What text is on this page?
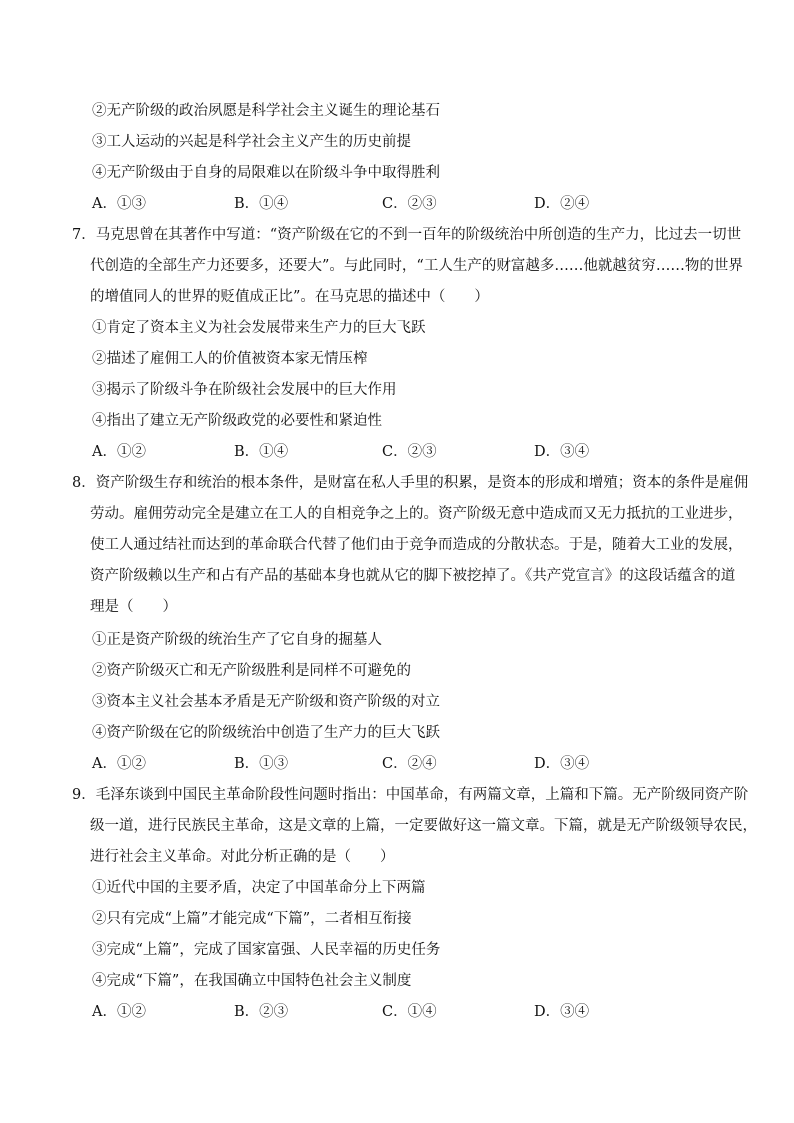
②无产阶级的政治夙愿是科学社会主义诞生的理论基石
③工人运动的兴起是科学社会主义产生的历史前提
④无产阶级由于自身的局限难以在阶级斗争中取得胜利
A．①③	B．①④	C．②③	D．②④
7．马克思曾在其著作中写道：“资产阶级在它的不到一百年的阶级统治中所创造的生产力，比过去一切世
代创造的全部生产力还要多，还要大”。与此同时，“工人生产的财富越多……他就越贫穷……物的世界
的增值同人的世界的贬值成正比”。在马克思的描述中（　　）
①肯定了资本主义为社会发展带来生产力的巨大飞跃
②描述了雇佣工人的价值被资本家无情压榨
③揭示了阶级斗争在阶级社会发展中的巨大作用
④指出了建立无产阶级政党的必要性和紧迫性
A．①②	B．①④	C．②③	D．③④
8．资产阶级生存和统治的根本条件，是财富在私人手里的积累，是资本的形成和增殖；资本的条件是雇佣
劳动。雇佣劳动完全是建立在工人的自相竞争之上的。资产阶级无意中造成而又无力抵抗的工业进步，
使工人通过结社而达到的革命联合代替了他们由于竞争而造成的分散状态。于是，随着大工业的发展，
资产阶级赖以生产和占有产品的基础本身也就从它的脚下被挖掉了。《共产党宣言》的这段话蕴含的道
理是（　　）
①正是资产阶级的统治生产了它自身的掘墓人
②资产阶级灭亡和无产阶级胜利是同样不可避免的
③资本主义社会基本矛盾是无产阶级和资产阶级的对立
④资产阶级在它的阶级统治中创造了生产力的巨大飞跃
A．①②	B．①③	C．②④	D．③④
9．毛泽东谈到中国民主革命阶段性问题时指出：中国革命，有两篇文章，上篇和下篇。无产阶级同资产阶
级一道，进行民族民主革命，这是文章的上篇，一定要做好这一篇文章。下篇，就是无产阶级领导农民，
进行社会主义革命。对此分析正确的是（　　）
①近代中国的主要矛盾，决定了中国革命分上下两篇
②只有完成“上篇”才能完成“下篇”，二者相互衔接
③完成“上篇”，完成了国家富强、人民幸福的历史任务
④完成“下篇”，在我国确立中国特色社会主义制度
A．①②	B．②③	C．①④	D．③④
